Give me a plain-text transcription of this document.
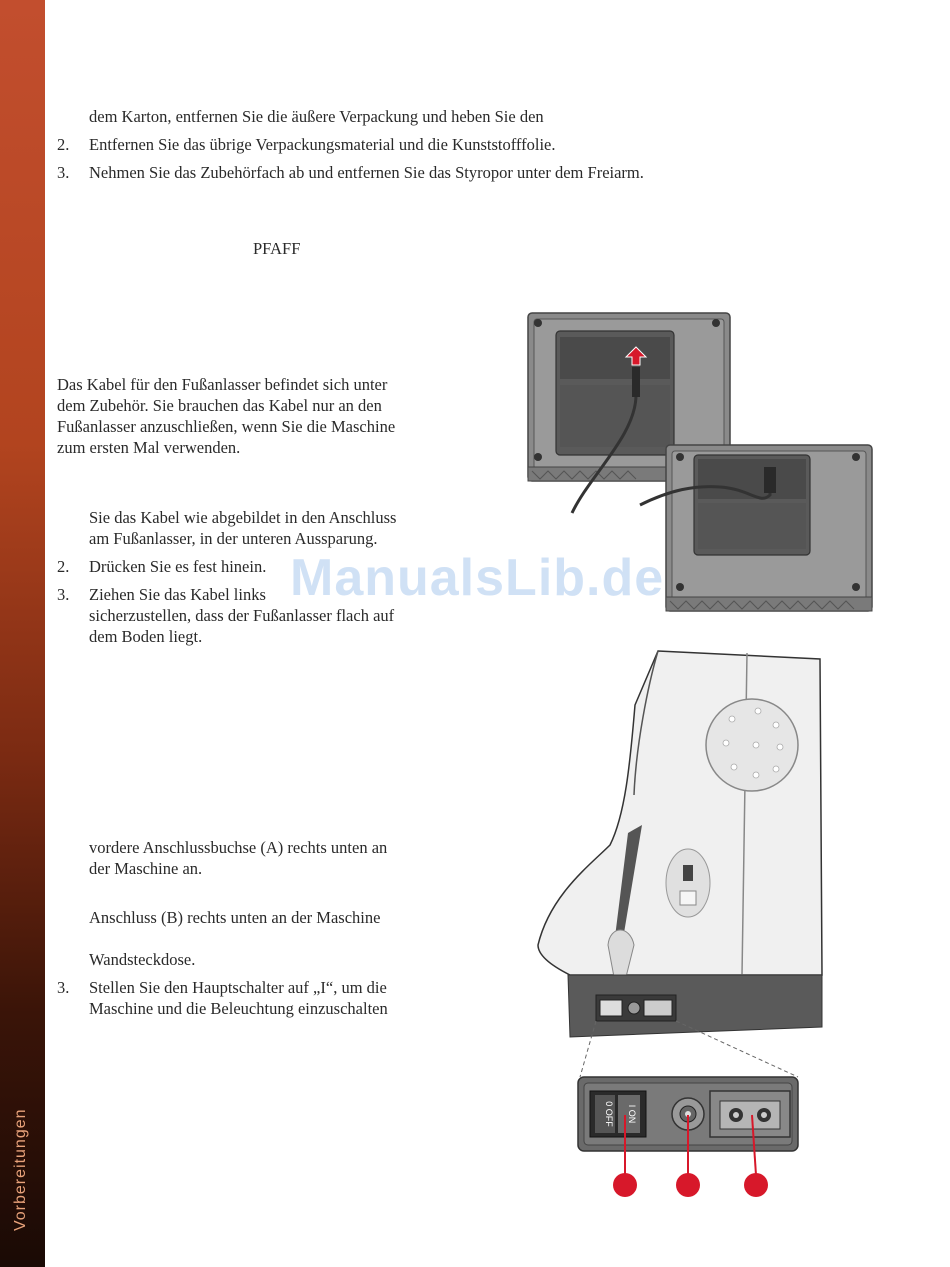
Vorbereitungen

dem Karton, entfernen Sie die äußere Verpackung und heben Sie den

2. Entfernen Sie das übrige Verpackungsmaterial und die Kunststofffolie.

3. Nehmen Sie das Zubehörfach ab und entfernen Sie das Styropor unter dem Freiarm.

PFAFF

Das Kabel für den Fußanlasser befindet sich unter

dem Zubehör. Sie brauchen das Kabel nur an den

Fußanlasser anzuschließen, wenn Sie die Maschine

zum ersten Mal verwenden.

Sie das Kabel wie abgebildet in den Anschluss

am Fußanlasser, in der unteren Aussparung.

2. Drücken Sie es fest hinein.

3. Ziehen Sie das Kabel links

sicherzustellen, dass der Fußanlasser flach auf

dem Boden liegt.

vordere Anschlussbuchse (A) rechts unten an

der Maschine an.

Anschluss (B) rechts unten an der Maschine

Wandsteckdose.

3. Stellen Sie den Hauptschalter auf „I“, um die

Maschine und die Beleuchtung einzuschalten

ManualsLib.de
0 OFF I ON
